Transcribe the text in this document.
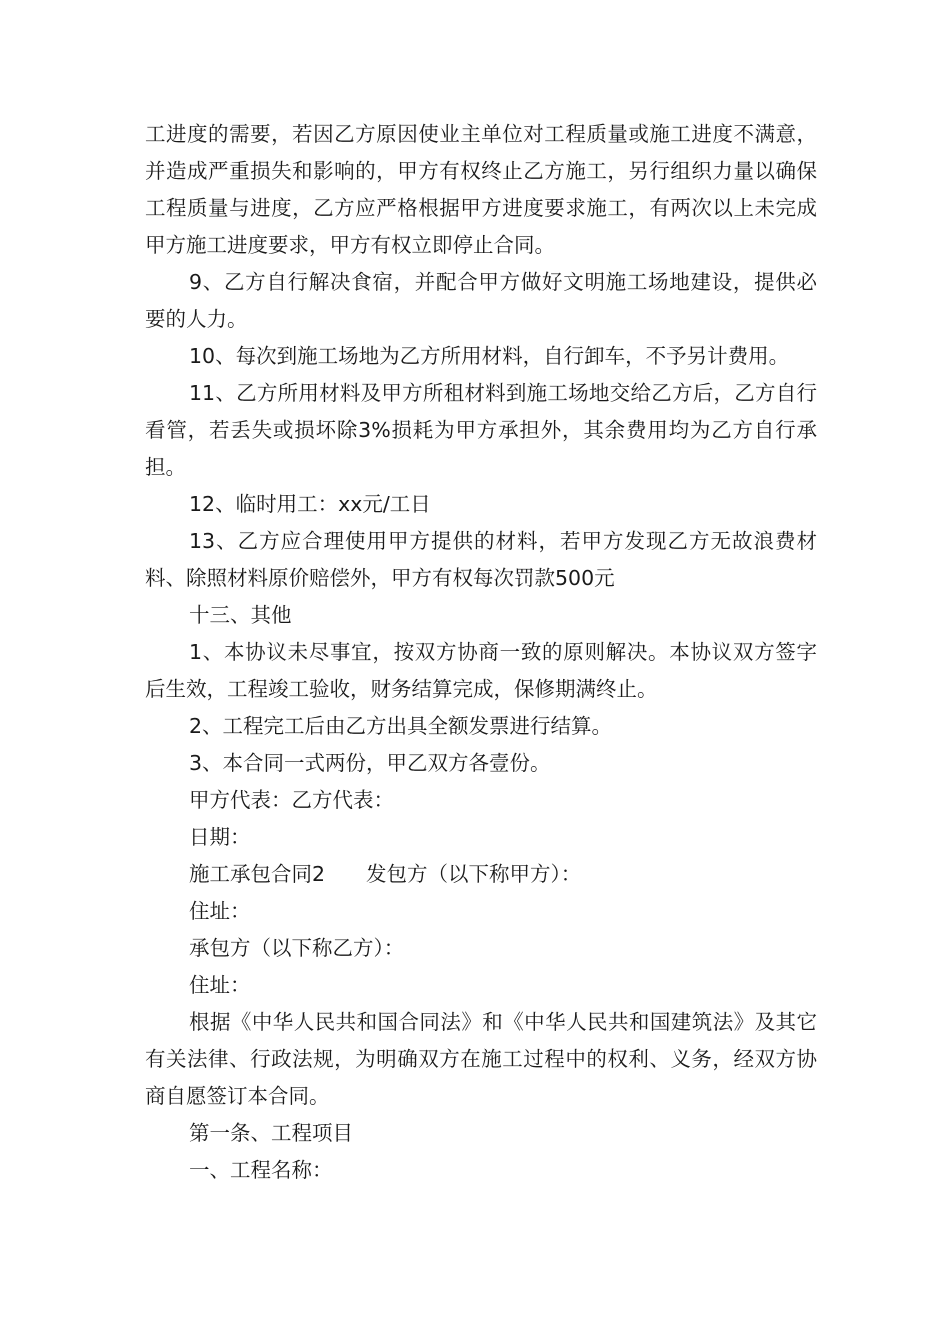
工进度的需要，若因乙方原因使业主单位对工程质量或施工进度不满意，并造成严重损失和影响的，甲方有权终止乙方施工，另行组织力量以确保工程质量与进度，乙方应严格根据甲方进度要求施工，有两次以上未完成甲方施工进度要求，甲方有权立即停止合同。

9、乙方自行解决食宿，并配合甲方做好文明施工场地建设，提供必要的人力。

10、每次到施工场地为乙方所用材料，自行卸车，不予另计费用。

11、乙方所用材料及甲方所租材料到施工场地交给乙方后，乙方自行看管，若丢失或损坏除3%损耗为甲方承担外，其余费用均为乙方自行承担。

12、临时用工：xx元/工日

13、乙方应合理使用甲方提供的材料，若甲方发现乙方无故浪费材料、除照材料原价赔偿外，甲方有权每次罚款500元

十三、其他

1、本协议未尽事宜，按双方协商一致的原则解决。本协议双方签字后生效，工程竣工验收，财务结算完成，保修期满终止。

2、工程完工后由乙方出具全额发票进行结算。

3、本合同一式两份，甲乙双方各壹份。

甲方代表：乙方代表：

日期：

施工承包合同2　　发包方（以下称甲方）：

住址：

承包方（以下称乙方）：

住址：

根据《中华人民共和国合同法》和《中华人民共和国建筑法》及其它有关法律、行政法规，为明确双方在施工过程中的权利、义务，经双方协商自愿签订本合同。

第一条、工程项目

一、工程名称：
